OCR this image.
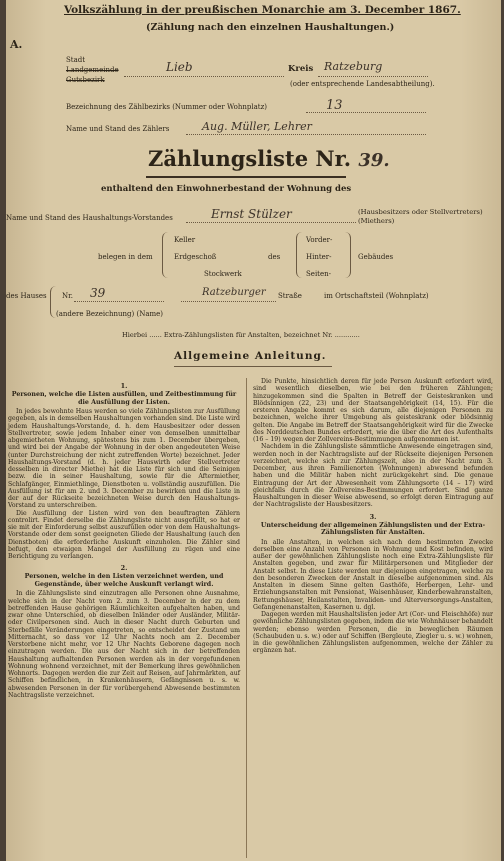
Volkszählung in der preußischen Monarchie am 3. December 1867.
(Zählung nach den einzelnen Haushaltungen.)
A.
Stadt
Landgemeinde
Gutsbezirk
Lieb	Kreis Ratzeburg
(oder entsprechende Landesabtheilung).
Bezeichnung des Zählbezirks (Nummer oder Wohnplatz)	13
Name und Stand des Zählers	Aug. Müller, Lehrer
Zählungsliste Nr. 39.
enthaltend den Einwohnerbestand der Wohnung des
Name und Stand des Haushaltungs-Vorstandes	Ernst Stülzer	(Hausbesitzers oder Stellvertreters) (Miethers)
belegen in dem
Keller
Erdgeschoß
Stockwerk
des
Vorder-
Hinter-
Seiten-
Gebäudes
des Hauses Nr. 39	Ratzeburger Straße	im Ortschaftsteil (Wohnplatz)
(andere Bezeichnung) (Name)
Hierbei ...... Extra-Zählungslisten für Anstalten, bezeichnet Nr. ............
Allgemeine Anleitung.
1.
Personen, welche die Listen ausfüllen, und Zeitbestimmung für die Ausfüllung der Listen.

In jedes bewohnte Haus werden so viele Zählungslisten zur Ausfüllung gegeben, als in demselben Haushaltungen vorhanden sind. Die Liste wird jedem Haushaltungs-Vorstande, d. h. dem Hausbesitzer oder dessen Stellvertreter, sowie jedem Inhaber einer von demselben unmittelbar abgemietheten Wohnung, spätestens bis zum 1. December übergeben, und wird bei der Angabe der Wohnung in der oben angedeuteten Weise (unter Durchstreichung der nicht zutreffenden Worte) bezeichnet. Jeder Haushaltungs-Vorstand (d. h. jeder Hauswirth oder Stellvertreter desselben in directer Miethe) hat die Liste für sich und die Seinigen bezw. die in seiner Haushaltung, sowie für die Aftermiether, Schlafgänger, Einmiethlinge, Dienstboten u. vollständig auszufüllen. Die Ausfüllung ist für am 2. und 3. December zu bewirken und die Liste in der auf der Rückseite bezeichneten Weise durch den Haushaltungs-Vorstand zu unterschreiben.

Die Ausfüllung der Listen wird von den beauftragten Zählern controlirt. Findet derselbe die Zählungsliste nicht ausgefüllt, so hat er sie mit der Einforderung selbst auszufüllen oder von dem Haushaltungs-Vorstande oder dem sonst geeigneten Gliede der Haushaltung (auch den Dienstboten) die erforderliche Auskunft einzuholen. Die Zähler sind befugt, den etwaigen Mangel der Ausfüllung zu rügen und eine Berichtigung zu verlangen.

2.
Personen, welche in den Listen verzeichnet werden, und Gegenstände, über welche Auskunft verlangt wird.

In die Zählungsliste sind einzutragen alle Personen ohne Ausnahme, welche sich in der Nacht vom 2. zum 3. December in der zu dem betreffenden Hause gehörigen Räumlichkeiten aufgehalten haben, und zwar ohne Unterschied, ob dieselben Inländer oder Ausländer, Militär- oder Civilpersonen sind. Auch in dieser Nacht durch Geburten und Sterbefälle Veränderungen eingetreten, so entscheidet der Zustand um Mitternacht, so dass vor 12 Uhr Nachts noch am 2. December Verstorbene nicht mehr, vor 12 Uhr Nachts Geborene dagegen noch einzutragen werden. Die aus der Nacht sich in der betreffenden Haushaltung aufhaltenden Personen werden als in der vorgefundenen Wohnung wohnend verzeichnet, mit der Bemerkung ihres gewöhnlichen Wohnorts. Dagegen werden die zur Zeit auf Reisen, auf Jahrmärkten, auf Schiffen befindlichen, in Krankenhäusern, Gefängnissen u. s. w. abwesenden Personen in der für vorübergehend Abwesende bestimmten Nachtragsliste verzeichnet.

Die Punkte, hinsichtlich deren für jede Person Auskunft erfordert wird, sind wesentlich dieselben, wie bei den früheren Zählungen; hinzugekommen sind die Spalten in Betreff der Geisteskranken und Blödsinnigen (22, 23) und der Staatsangehörigkeit (14, 15). Für die ersteren Angabe kommt es sich darum, alle diejenigen Personen zu bezeichnen, welche ihrer Umgebung als geisteskrank oder blödsinnig gelten. Die Angabe im Betreff der Staatsangehörigkeit wird für die Zwecke des Norddeutschen Bundes erfordert, wie die über die Art des Aufenthalts (16 – 19) wegen der Zollvereins-Bestimmungen aufgenommen ist.

Nachdem in die Zählungsliste sämmtliche Anwesende eingetragen sind, werden noch in der Nachtragsliste auf der Rückseite diejenigen Personen verzeichnet, welche sich zur Zählungszeit, also in der Nacht zum 3. December, aus ihren Familienorten (Wohnungen) abwesend befunden haben und die Militär haben nicht zurückgekehrt sind. Die genaue Eintragung der Art der Abwesenheit vom Zählungsorte (14 – 17) wird gleichfalls durch die Zollvereins-Bestimmungen erfordert. Sind ganze Haushaltungen in dieser Weise abwesend, so erfolgt deren Eintragung auf der Nachtragsliste der Hausbesitzers.

3.
Unterscheidung der allgemeinen Zählungslisten und der Extra-Zählungslisten für Anstalten.

In alle Anstalten, in welchen sich nach dem bestimmten Zwecke derselben eine Anzahl von Personen in Wohnung und Kost befinden, wird außer der gewöhnlichen Zählungsliste noch eine Extra-Zählungsliste für Anstalten gegeben, und zwar für Militärpersonen und Mitglieder der Anstalt selbst. In diese Liste werden nur diejenigen eingetragen, welche zu den besonderen Zwecken der Anstalt in dieselbe aufgenommen sind. Als Anstalten in diesem Sinne gelten Gasthöfe, Herbergen, Lehr- und Erziehungsanstalten mit Pensionat, Waisenhäuser, Kinderbewahranstalten, Rettungshäuser, Heilanstalten, Invaliden- und Alterversorgungs-Anstalten, Gefangenenanstalten, Kasernen u. dgl.

Dagegen werden mit Haushaltslisten jeder Art (Cor- und Fleischhöfe) nur gewöhnliche Zählungslisten gegeben, indem die wie Wohnhäuser behandelt werden; ebenso werden Personen, die in beweglichen Räumen (Schaubuden u. s. w.) oder auf Schiffen (Bergleute, Ziegler u. s. w.) wohnen, in die gewöhnlichen Zählungslisten aufgenommen, welche der Zähler zu ergänzen hat.
